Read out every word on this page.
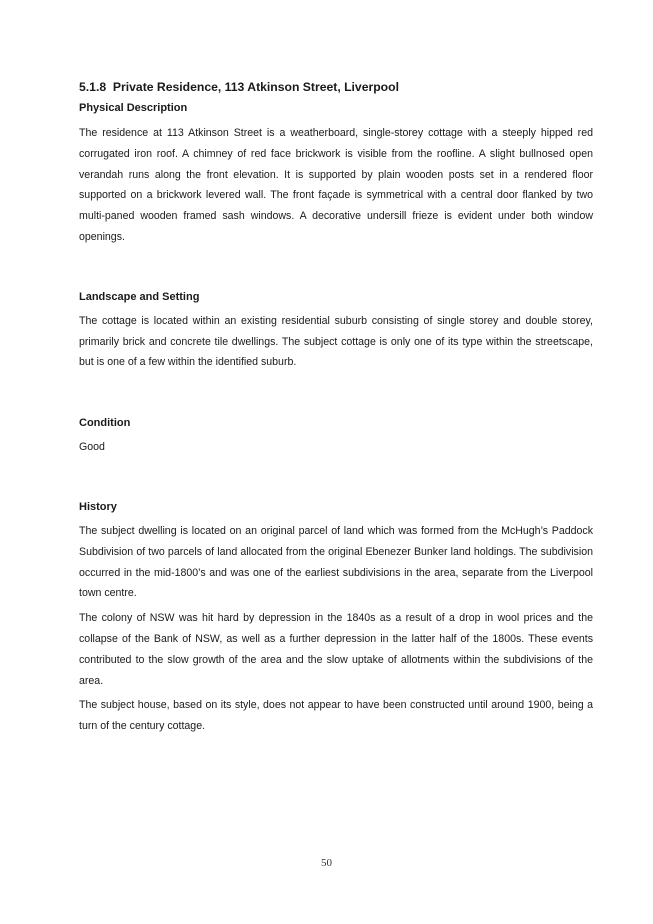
5.1.8 Private Residence, 113 Atkinson Street, Liverpool
Physical Description

The residence at 113 Atkinson Street is a weatherboard, single-storey cottage with a steeply hipped red corrugated iron roof. A chimney of red face brickwork is visible from the roofline. A slight bullnosed open verandah runs along the front elevation. It is supported by plain wooden posts set in a rendered floor supported on a brickwork levered wall. The front façade is symmetrical with a central door flanked by two multi-paned wooden framed sash windows. A decorative undersill frieze is evident under both window openings.

Landscape and Setting

The cottage is located within an existing residential suburb consisting of single storey and double storey, primarily brick and concrete tile dwellings. The subject cottage is only one of its type within the streetscape, but is one of a few within the identified suburb.

Condition

Good

History

The subject dwelling is located on an original parcel of land which was formed from the McHugh’s Paddock Subdivision of two parcels of land allocated from the original Ebenezer Bunker land holdings. The subdivision occurred in the mid-1800’s and was one of the earliest subdivisions in the area, separate from the Liverpool town centre.

The colony of NSW was hit hard by depression in the 1840s as a result of a drop in wool prices and the collapse of the Bank of NSW, as well as a further depression in the latter half of the 1800s. These events contributed to the slow growth of the area and the slow uptake of allotments within the subdivisions of the area.

The subject house, based on its style, does not appear to have been constructed until around 1900, being a turn of the century cottage.

50
